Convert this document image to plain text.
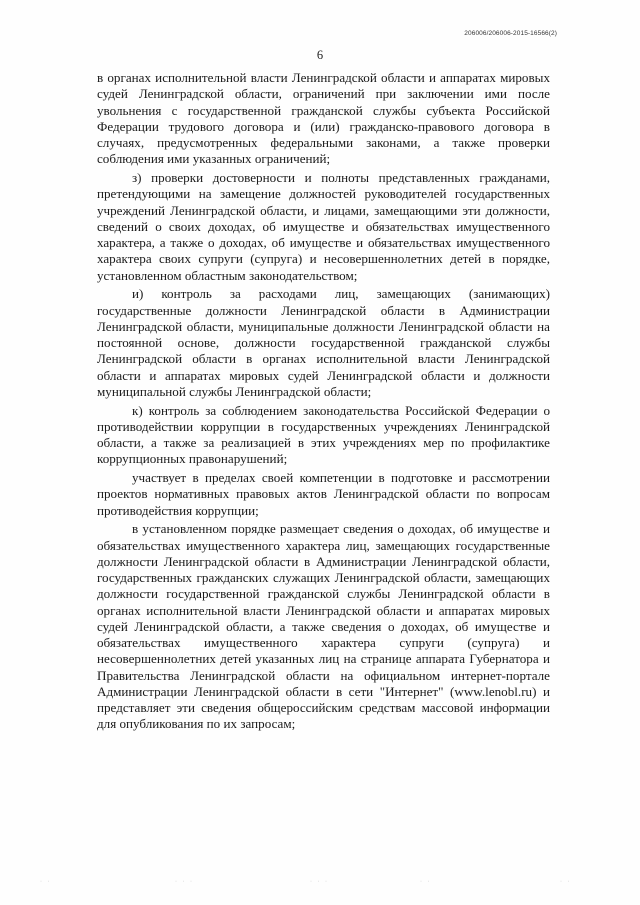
206006/206006-2015-16566(2)
6

в органах исполнительной власти Ленинградской области и аппаратах мировых судей Ленинградской области, ограничений при заключении ими после увольнения с государственной гражданской службы субъекта Российской Федерации трудового договора и (или) гражданско-правового договора в случаях, предусмотренных федеральными законами, а также проверки соблюдения ими указанных ограничений;

з) проверки достоверности и полноты представленных гражданами, претендующими на замещение должностей руководителей государственных учреждений Ленинградской области, и лицами, замещающими эти должности, сведений о своих доходах, об имуществе и обязательствах имущественного характера, а также о доходах, об имуществе и обязательствах имущественного характера своих супруги (супруга) и несовершеннолетних детей в порядке, установленном областным законодательством;

и) контроль за расходами лиц, замещающих (занимающих) государственные должности Ленинградской области в Администрации Ленинградской области, муниципальные должности Ленинградской области на постоянной основе, должности государственной гражданской службы Ленинградской области в органах исполнительной власти Ленинградской области и аппаратах мировых судей Ленинградской области и должности муниципальной службы Ленинградской области;

к) контроль за соблюдением законодательства Российской Федерации о противодействии коррупции в государственных учреждениях Ленинградской области, а также за реализацией в этих учреждениях мер по профилактике коррупционных правонарушений;

участвует в пределах своей компетенции в подготовке и рассмотрении проектов нормативных правовых актов Ленинградской области по вопросам противодействия коррупции;

в установленном порядке размещает сведения о доходах, об имуществе и обязательствах имущественного характера лиц, замещающих государственные должности Ленинградской области в Администрации Ленинградской области, государственных гражданских служащих Ленинградской области, замещающих должности государственной гражданской службы Ленинградской области в органах исполнительной власти Ленинградской области и аппаратах мировых судей Ленинградской области, а также сведения о доходах, об имуществе и обязательствах имущественного характера супруги (супруга) и несовершеннолетних детей указанных лиц на странице аппарата Губернатора и Правительства Ленинградской области на официальном интернет-портале Администрации Ленинградской области в сети "Интернет" (www.lenobl.ru) и представляет эти сведения общероссийским средствам массовой информации для опубликования по их запросам;

· ·	· · ·	· · ·	· ·	· ·
